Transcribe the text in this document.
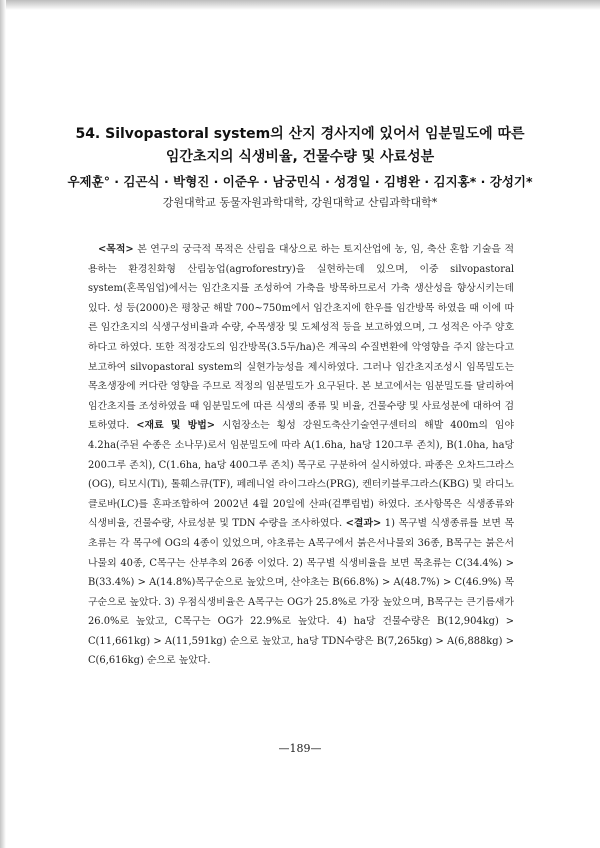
54. Silvopastoral system의 산지 경사지에 있어서 임분밀도에 따른
임간초지의 식생비율, 건물수량 및 사료성분
우제훈° · 김곤식 · 박형진 · 이준우 · 남궁민식 · 성경일 · 김병완 · 김지홍* · 강성기*
강원대학교 동물자원과학대학, 강원대학교 산림과학대학*

<목적> 본 연구의 궁극적 목적은 산림을 대상으로 하는 토지산업에 농, 임, 축산 혼합 기술을 적용하는 환경친화형 산림농업(agroforestry)을 실현하는데 있으며, 이중 silvopastoral system(혼목임업)에서는 임간초지를 조성하여 가축을 방목하므로서 가축 생산성을 향상시키는데 있다. 성 등(2000)은 평창군 해발 700~750m에서 임간초지에 한우를 임간방목 하였을 때 이에 따른 임간초지의 식생구성비율과 수량, 수목생장 및 도체성적 등을 보고하였으며, 그 성적은 아주 양호하다고 하였다. 또한 적정강도의 임간방목(3.5두/ha)은 계곡의 수질변환에 악영향을 주지 않는다고 보고하여 silvopastoral system의 실현가능성을 제시하였다. 그러나 임간초지조성시 임목밀도는 목초생장에 커다란 영향을 주므로 적정의 임분밀도가 요구된다. 본 보고에서는 임분밀도를 달리하여 임간초지를 조성하였을 때 임분밀도에 따른 식생의 종류 및 비율, 건물수량 및 사료성분에 대하여 검토하였다. <재료 및 방법> 시험장소는 횡성 강원도축산기술연구센터의 해발 400m의 임야 4.2ha(주된 수종은 소나무)로서 임분밀도에 따라 A(1.6ha, ha당 120그루 존치), B(1.0ha, ha당 200그루 존치), C(1.6ha, ha당 400그루 존치) 목구로 구분하여 실시하였다. 파종은 오차드그라스(OG), 티모시(Ti), 톨훼스큐(TF), 페레니얼 라이그라스(PRG), 켄터키블루그라스(KBG) 및 라디노클로바(LC)를 혼파조합하여 2002년 4월 20일에 산파(겉뿌림법) 하였다. 조사항목은 식생종류와 식생비율, 건물수량, 사료성분 및 TDN 수량을 조사하였다. <결과> 1) 목구별 식생종류를 보면 목초류는 각 목구에 OG의 4종이 있었으며, 야초류는 A목구에서 붉은서나물외 36종, B목구는 붉은서나물외 40종, C목구는 산부추외 26종 이었다. 2) 목구별 식생비율을 보면 목초류는 C(34.4%) > B(33.4%) > A(14.8%)목구순으로 높았으며, 산야초는 B(66.8%) > A(48.7%) > C(46.9%) 목구순으로 높았다. 3) 우점식생비율은 A목구는 OG가 25.8%로 가장 높았으며, B목구는 큰기름새가 26.0%로 높았고, C목구는 OG가 22.9%로 높았다. 4) ha당 건물수량은 B(12,904kg) > C(11,661kg) > A(11,591kg) 순으로 높았고, ha당 TDN수량은 B(7,265kg) > A(6,888kg) > C(6,616kg) 순으로 높았다.

—189—
